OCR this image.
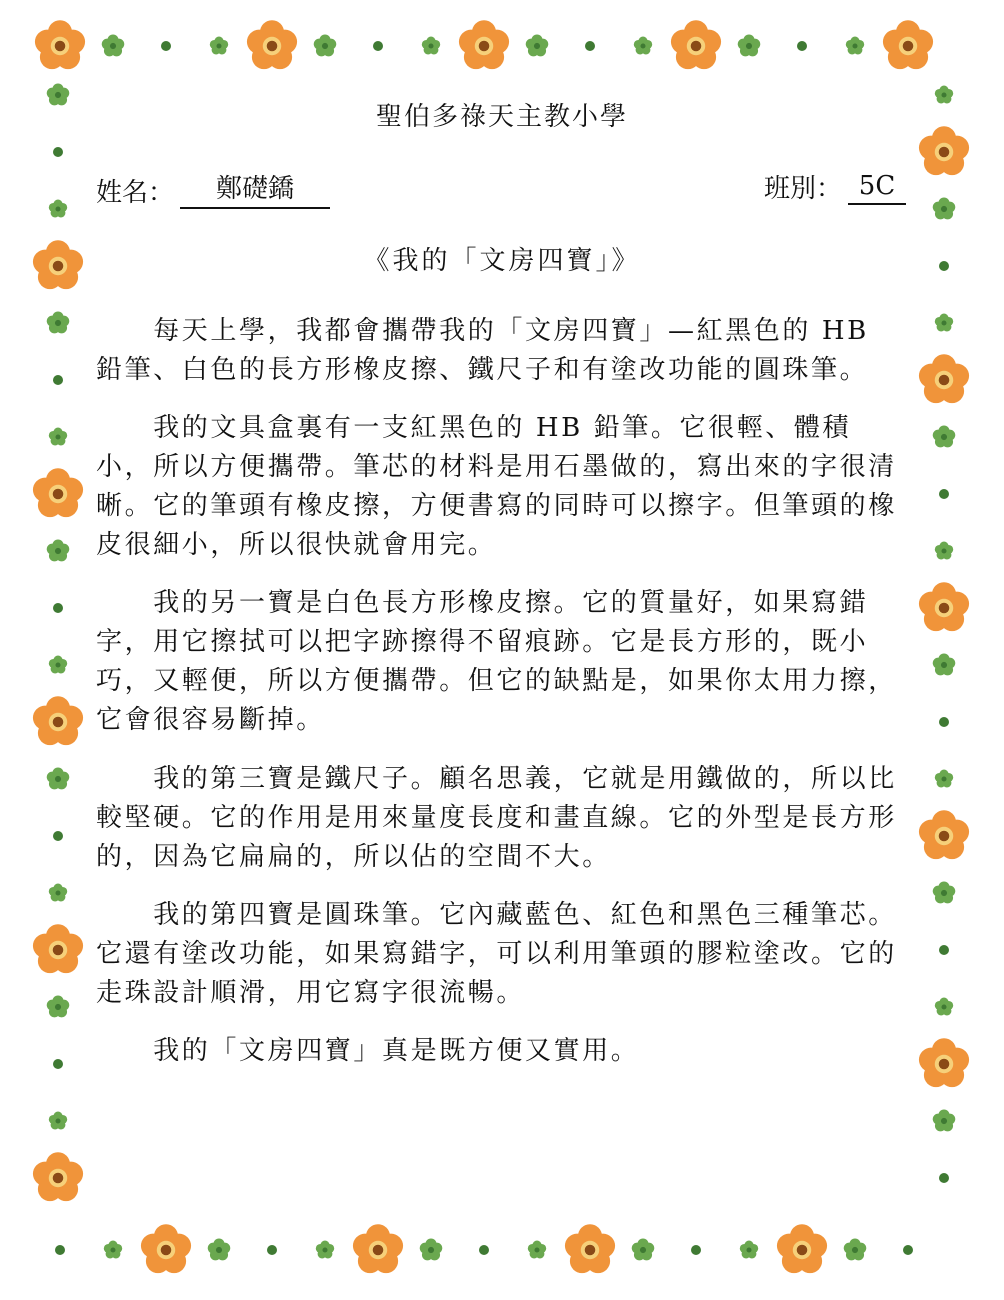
聖伯多祿天主教小學
姓名：	鄭礎鐈	班別： 5C
《我的「文房四寶」》

每天上學，我都會攜帶我的「文房四寶」—紅黑色的 HB 鉛筆、白色的長方形橡皮擦、鐵尺子和有塗改功能的圓珠筆。

我的文具盒裏有一支紅黑色的 HB 鉛筆。它很輕、體積小，所以方便攜帶。筆芯的材料是用石墨做的，寫出來的字很清晰。它的筆頭有橡皮擦，方便書寫的同時可以擦字。但筆頭的橡皮很細小，所以很快就會用完。

我的另一寶是白色長方形橡皮擦。它的質量好，如果寫錯字，用它擦拭可以把字跡擦得不留痕跡。它是長方形的，既小巧，又輕便，所以方便攜帶。但它的缺點是，如果你太用力擦，它會很容易斷掉。

我的第三寶是鐵尺子。顧名思義，它就是用鐵做的，所以比較堅硬。它的作用是用來量度長度和畫直線。它的外型是長方形的，因為它扁扁的，所以佔的空間不大。

我的第四寶是圓珠筆。它內藏藍色、紅色和黑色三種筆芯。它還有塗改功能，如果寫錯字，可以利用筆頭的膠粒塗改。它的走珠設計順滑，用它寫字很流暢。

我的「文房四寶」真是既方便又實用。
